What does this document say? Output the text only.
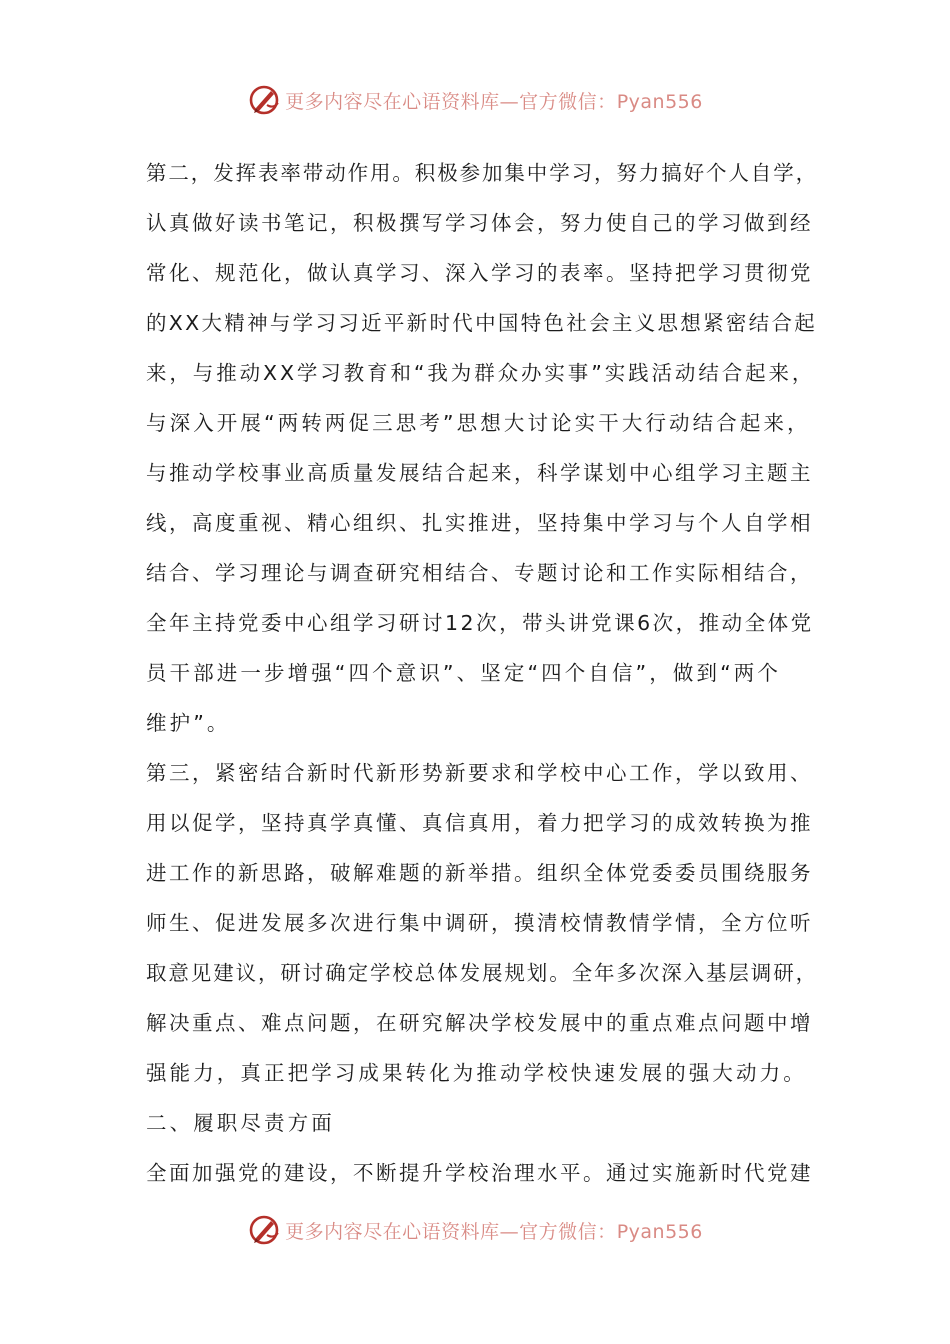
更多内容尽在心语资料库—官方微信：Pyan556
第二，发挥表率带动作用。积极参加集中学习，努力搞好个人自学，
认真做好读书笔记，积极撰写学习体会，努力使自己的学习做到经
常化、规范化，做认真学习、深入学习的表率。坚持把学习贯彻党
的XX大精神与学习习近平新时代中国特色社会主义思想紧密结合起
来，与推动XX学习教育和“我为群众办实事”实践活动结合起来，
与深入开展“两转两促三思考”思想大讨论实干大行动结合起来，
与推动学校事业高质量发展结合起来，科学谋划中心组学习主题主
线，高度重视、精心组织、扎实推进，坚持集中学习与个人自学相
结合、学习理论与调查研究相结合、专题讨论和工作实际相结合，
全年主持党委中心组学习研讨12次，带头讲党课6次，推动全体党
员干部进一步增强“四个意识”、坚定“四个自信”，做到“两个
维护”。
第三，紧密结合新时代新形势新要求和学校中心工作，学以致用、
用以促学，坚持真学真懂、真信真用，着力把学习的成效转换为推
进工作的新思路，破解难题的新举措。组织全体党委委员围绕服务
师生、促进发展多次进行集中调研，摸清校情教情学情，全方位听
取意见建议，研讨确定学校总体发展规划。全年多次深入基层调研，
解决重点、难点问题，在研究解决学校发展中的重点难点问题中增
强能力，真正把学习成果转化为推动学校快速发展的强大动力。
二、履职尽责方面
全面加强党的建设，不断提升学校治理水平。通过实施新时代党建
更多内容尽在心语资料库—官方微信：Pyan556
